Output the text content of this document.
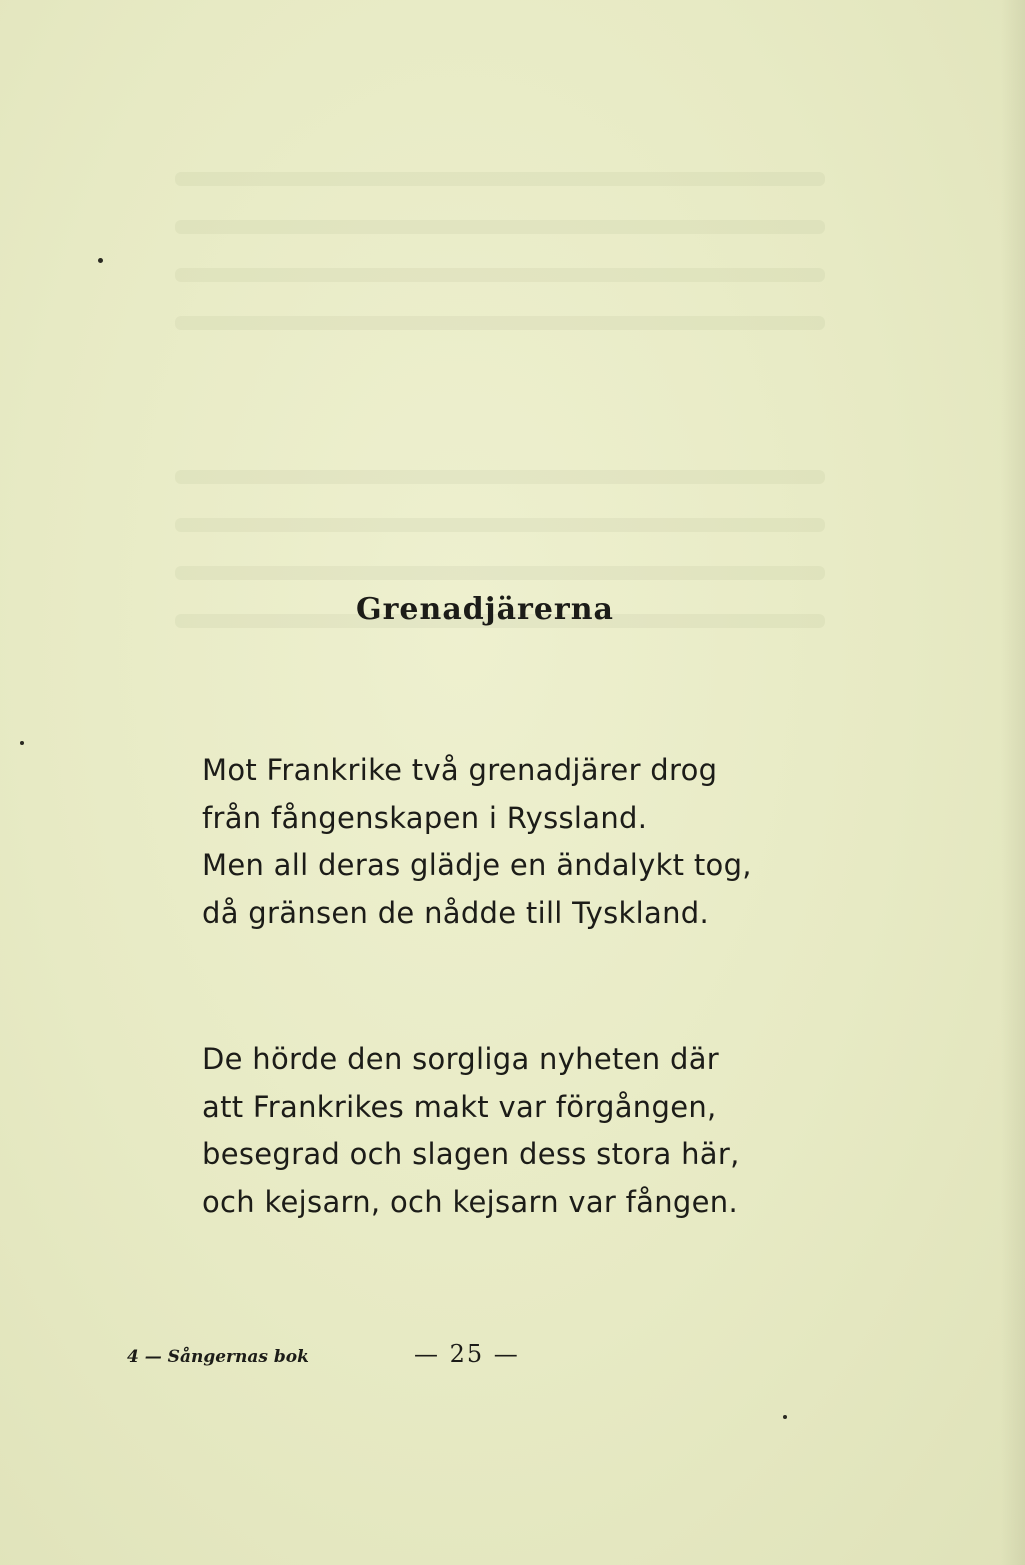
Grenadjärerna
Mot Frankrike två grenadjärer drog
från fångenskapen i Ryssland.
Men all deras glädje en ändalykt tog,
då gränsen de nådde till Tyskland.
De hörde den sorgliga nyheten där
att Frankrikes makt var förgången,
besegrad och slagen dess stora här,
och kejsarn, och kejsarn var fången.
4 — Sångernas bok	— 25 —
